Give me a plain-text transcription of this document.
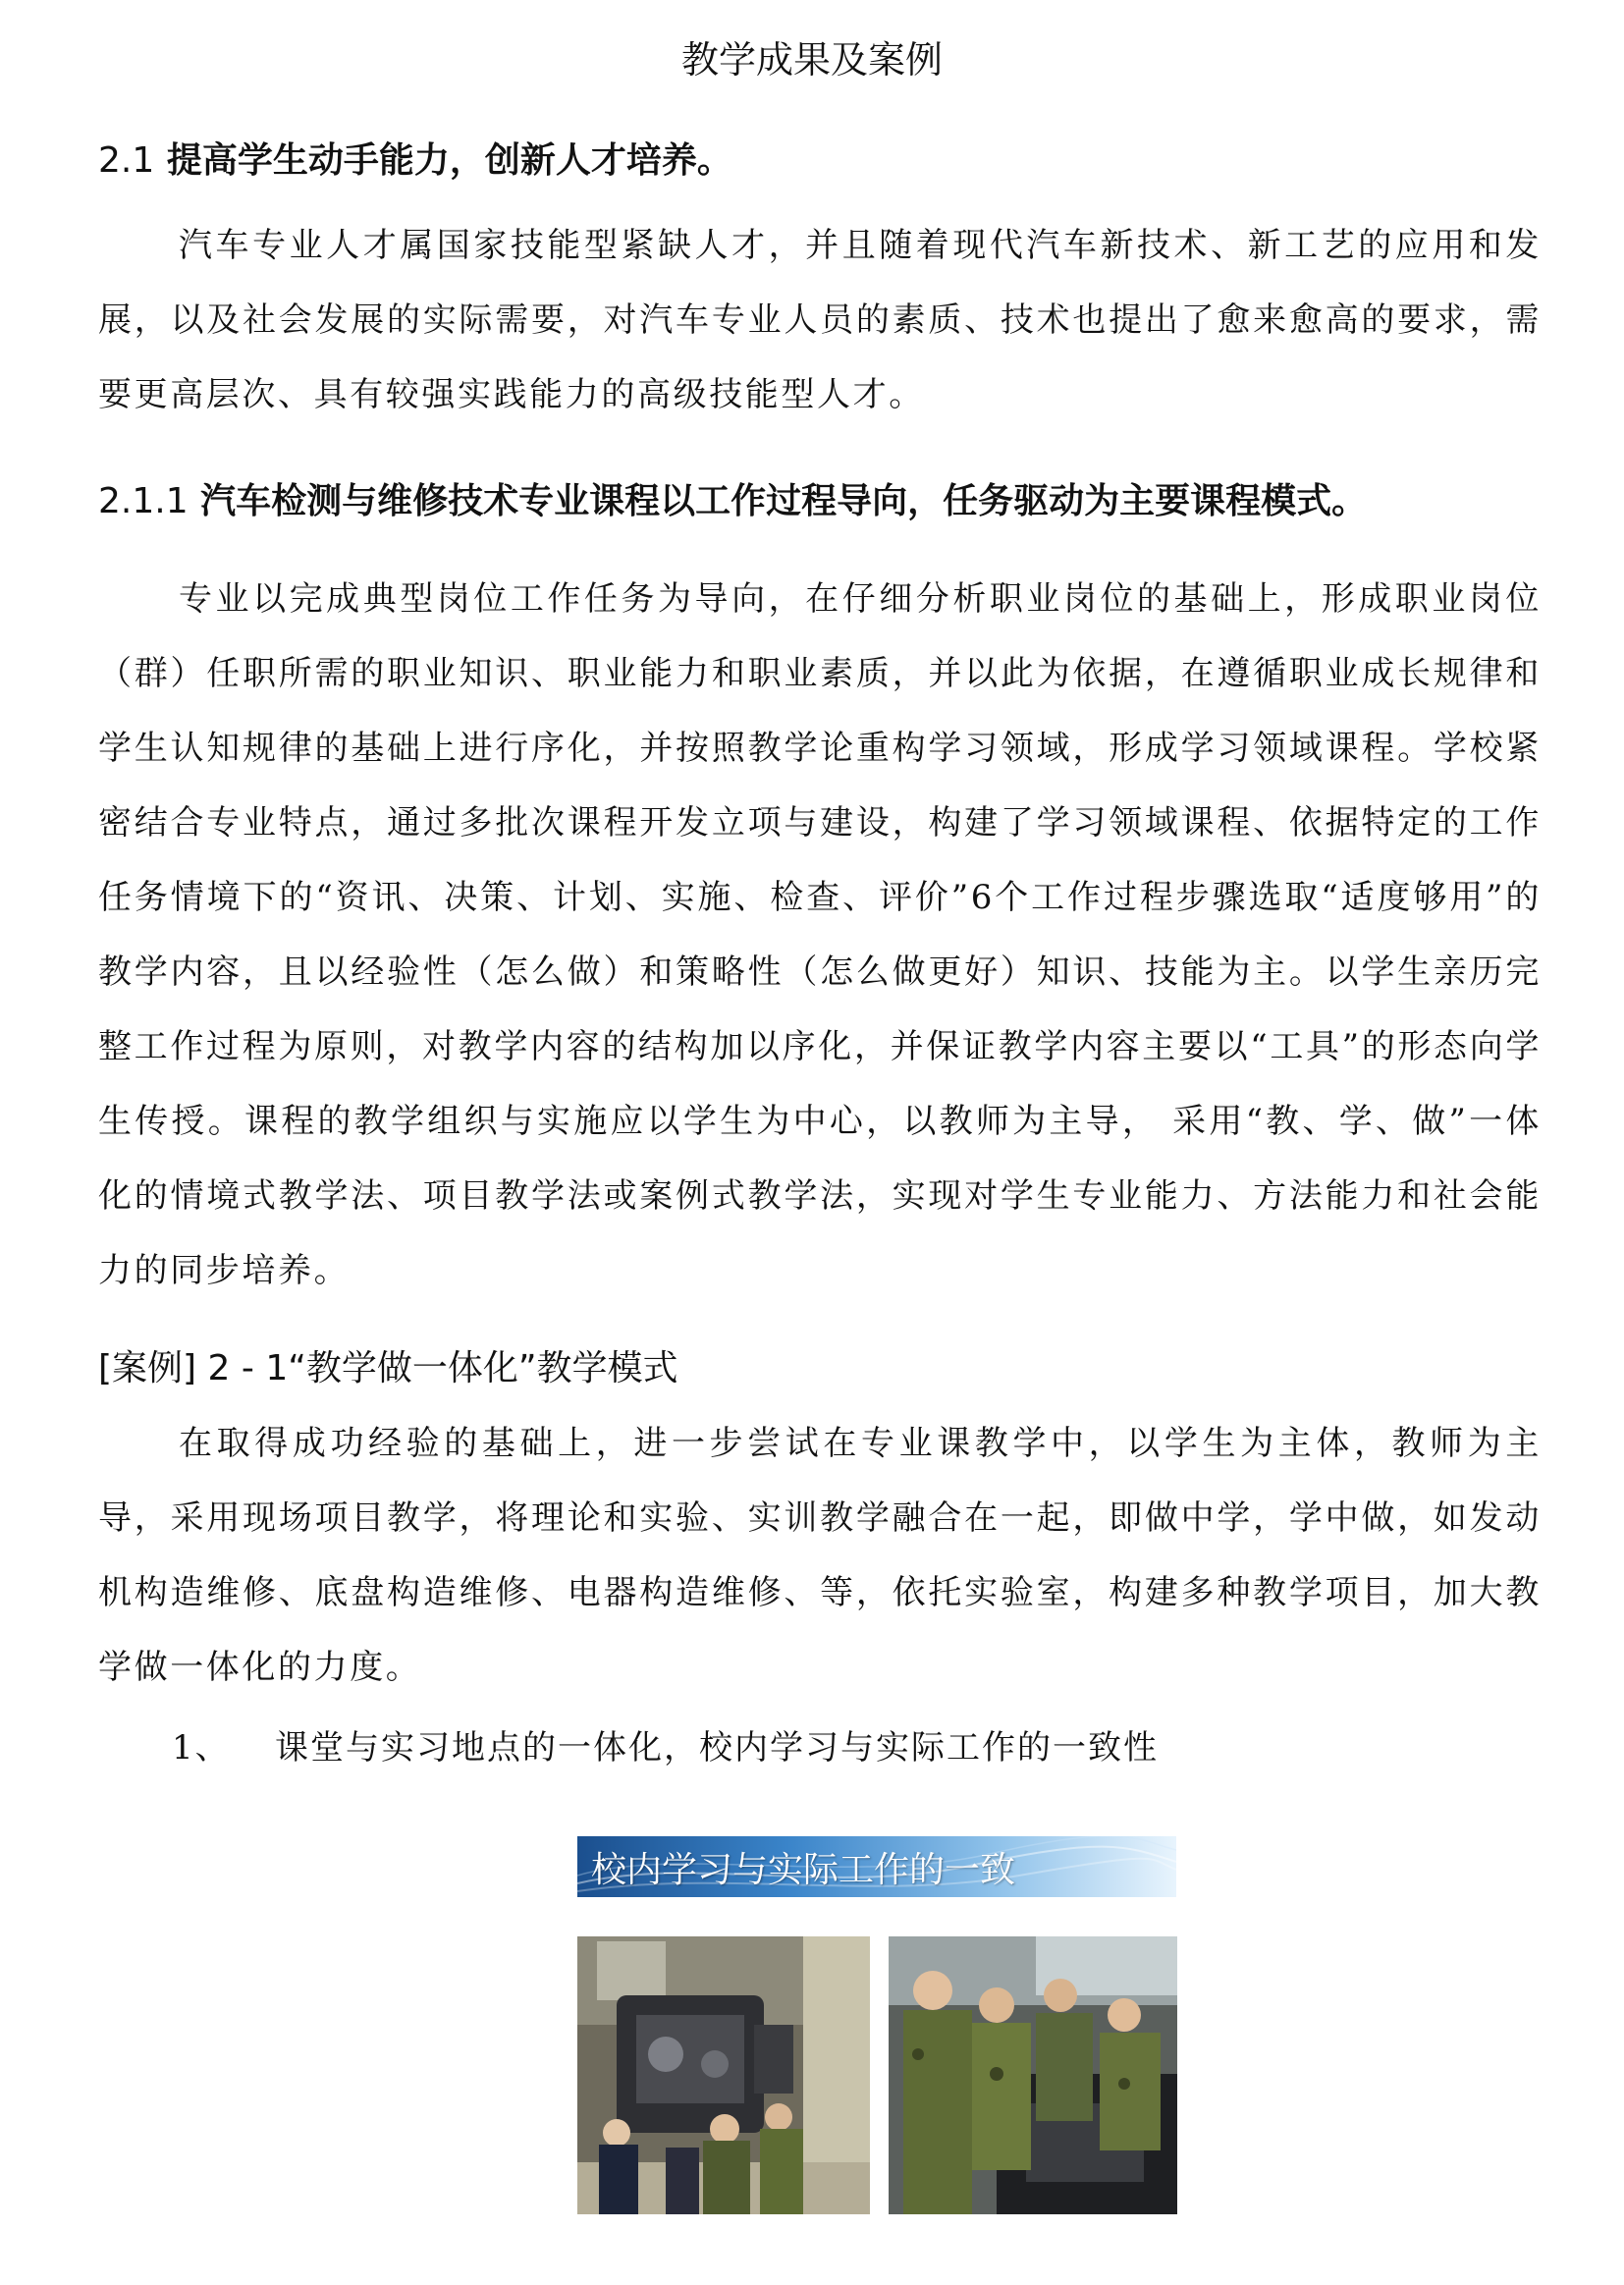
教学成果及案例
2.1 提高学生动手能力，创新人才培养。

汽车专业人才属国家技能型紧缺人才，并且随着现代汽车新技术、新工艺的应用和发展，以及社会发展的实际需要，对汽车专业人员的素质、技术也提出了愈来愈高的要求，需要更高层次、具有较强实践能力的高级技能型人才。

2.1.1 汽车检测与维修技术专业课程以工作过程导向，任务驱动为主要课程模式。

专业以完成典型岗位工作任务为导向，在仔细分析职业岗位的基础上，形成职业岗位（群）任职所需的职业知识、职业能力和职业素质，并以此为依据，在遵循职业成长规律和学生认知规律的基础上进行序化，并按照教学论重构学习领域，形成学习领域课程。学校紧密结合专业特点，通过多批次课程开发立项与建设，构建了学习领域课程、依据特定的工作任务情境下的“资讯、决策、计划、实施、检查、评价”6个工作过程步骤选取“适度够用”的教学内容，且以经验性（怎么做）和策略性（怎么做更好）知识、技能为主。以学生亲历完整工作过程为原则，对教学内容的结构加以序化，并保证教学内容主要以“工具”的形态向学生传授。课程的教学组织与实施应以学生为中心，以教师为主导， 采用“教、学、做”一体化的情境式教学法、项目教学法或案例式教学法，实现对学生专业能力、方法能力和社会能力的同步培养。

[案例] 2 - 1“教学做一体化”教学模式

在取得成功经验的基础上，进一步尝试在专业课教学中，以学生为主体，教师为主导，采用现场项目教学，将理论和实验、实训教学融合在一起，即做中学，学中做，如发动机构造维修、底盘构造维修、电器构造维修、等，依托实验室，构建多种教学项目，加大教学做一体化的力度。

1、 课堂与实习地点的一体化，校内学习与实际工作的一致性

校内学习与实际工作的一致
